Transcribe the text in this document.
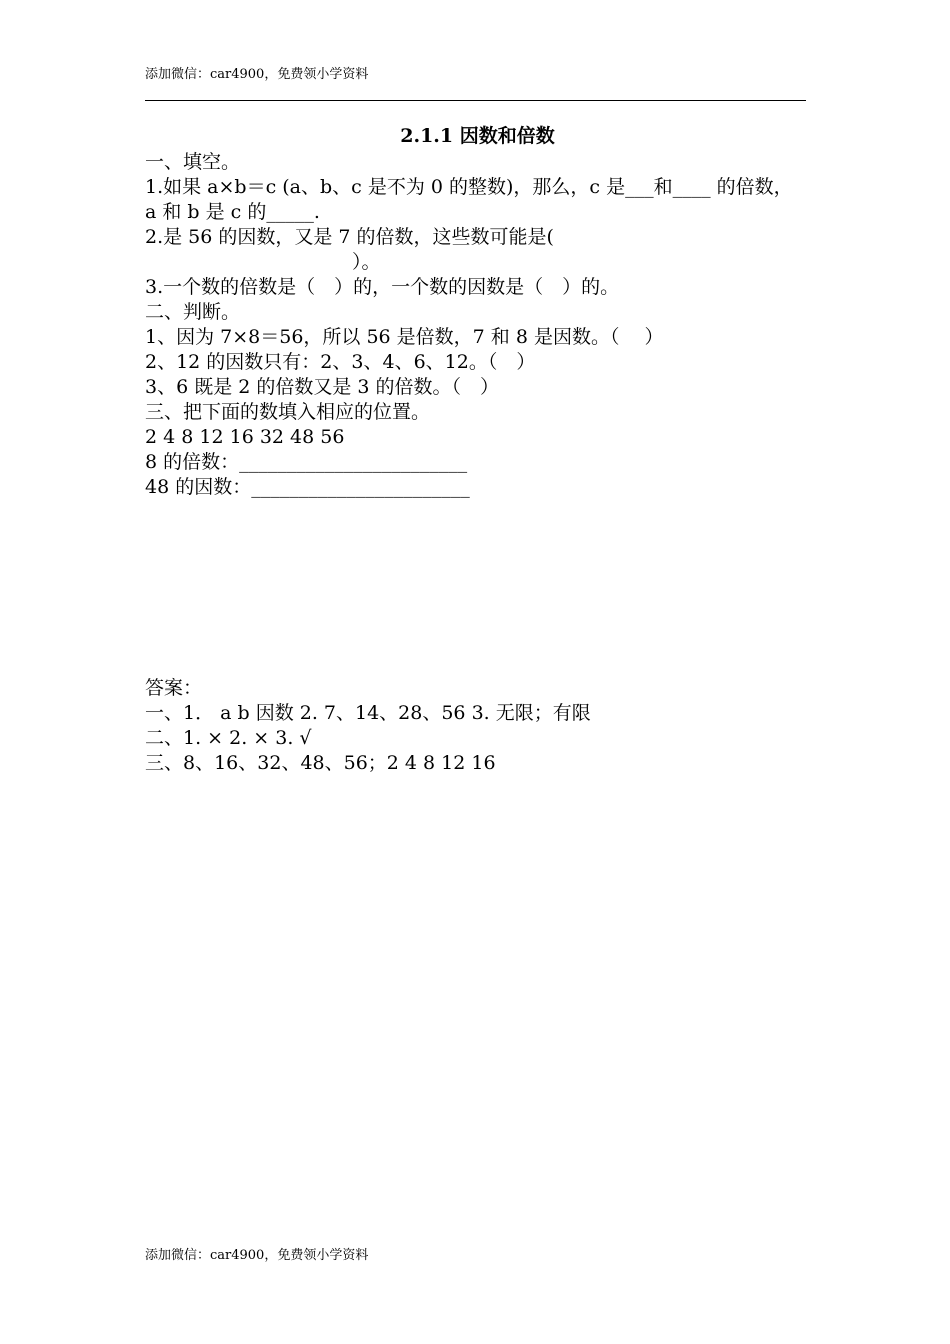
添加微信：car4900，免费领小学资料
2.1.1 因数和倍数
一、填空。
1.如果 a×b＝c (a、b、c 是不为 0 的整数)，那么，c 是___和____ 的倍数，
a 和 b 是 c 的_____.
2.是 56 的因数，又是 7 的倍数，这些数可能是(
）。
3.一个数的倍数是（　）的，一个数的因数是（　）的。
二、判断。
1、因为 7×8＝56，所以 56 是倍数，7 和 8 是因数。（　 ）
2、12 的因数只有：2、3、4、6、12。（　）
3、6 既是 2 的倍数又是 3 的倍数。（　）
三、把下面的数填入相应的位置。
2 4 8 12 16 32 48 56
8 的倍数：________________________
48 的因数：_______________________
答案：
一、1． a b 因数 2. 7、14、28、56 3. 无限；有限
二、1. × 2. × 3. √
三、8、16、32、48、56；2 4 8 12 16
添加微信：car4900，免费领小学资料
